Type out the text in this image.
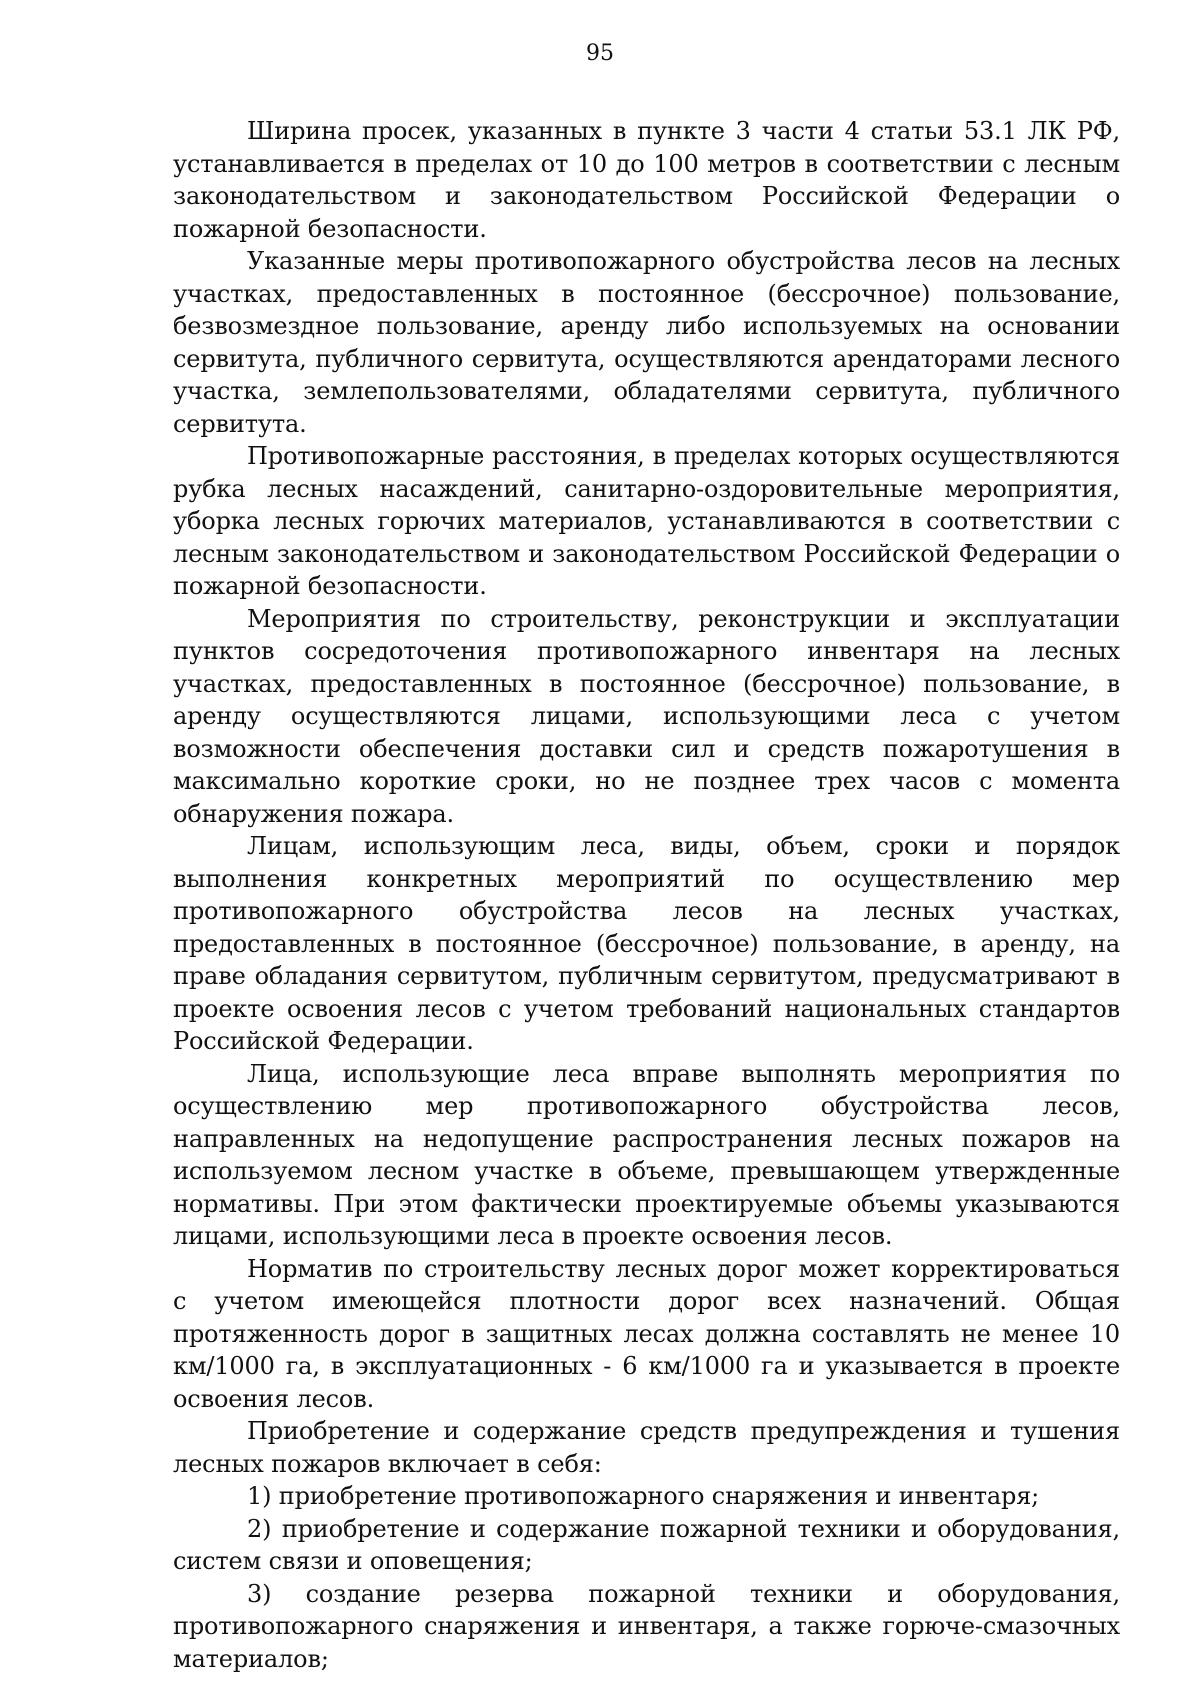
95

Ширина просек, указанных в пункте 3 части 4 статьи 53.1 ЛК РФ, устанавливается в пределах от 10 до 100 метров в соответствии с лесным законодательством и законодательством Российской Федерации о пожарной безопасности.

Указанные меры противопожарного обустройства лесов на лесных участках, предоставленных в постоянное (бессрочное) пользование, безвозмездное пользование, аренду либо используемых на основании сервитута, публичного сервитута, осуществляются арендаторами лесного участка, землепользователями, обладателями сервитута, публичного сервитута.

Противопожарные расстояния, в пределах которых осуществляются рубка лесных насаждений, санитарно-оздоровительные мероприятия, уборка лесных горючих материалов, устанавливаются в соответствии с лесным законодательством и законодательством Российской Федерации о пожарной безопасности.

Мероприятия по строительству, реконструкции и эксплуатации пунктов сосредоточения противопожарного инвентаря на лесных участках, предоставленных в постоянное (бессрочное) пользование, в аренду осуществляются лицами, использующими леса с учетом возможности обеспечения доставки сил и средств пожаротушения в максимально короткие сроки, но не позднее трех часов с момента обнаружения пожара.

Лицам, использующим леса, виды, объем, сроки и порядок выполнения конкретных мероприятий по осуществлению мер противопожарного обустройства лесов на лесных участках, предоставленных в постоянное (бессрочное) пользование, в аренду, на праве обладания сервитутом, публичным сервитутом, предусматривают в проекте освоения лесов с учетом требований национальных стандартов Российской Федерации.

Лица, использующие леса вправе выполнять мероприятия по осуществлению мер противопожарного обустройства лесов, направленных на недопущение распространения лесных пожаров на используемом лесном участке в объеме, превышающем утвержденные нормативы. При этом фактически проектируемые объемы указываются лицами, использующими леса в проекте освоения лесов.

Норматив по строительству лесных дорог может корректироваться с учетом имеющейся плотности дорог всех назначений. Общая протяженность дорог в защитных лесах должна составлять не менее 10 км/1000 га, в эксплуатационных - 6 км/1000 га и указывается в проекте освоения лесов.

Приобретение и содержание средств предупреждения и тушения лесных пожаров включает в себя:

1) приобретение противопожарного снаряжения и инвентаря;

2) приобретение и содержание пожарной техники и оборудования, систем связи и оповещения;

3) создание резерва пожарной техники и оборудования, противопожарного снаряжения и инвентаря, а также горюче-смазочных материалов;
